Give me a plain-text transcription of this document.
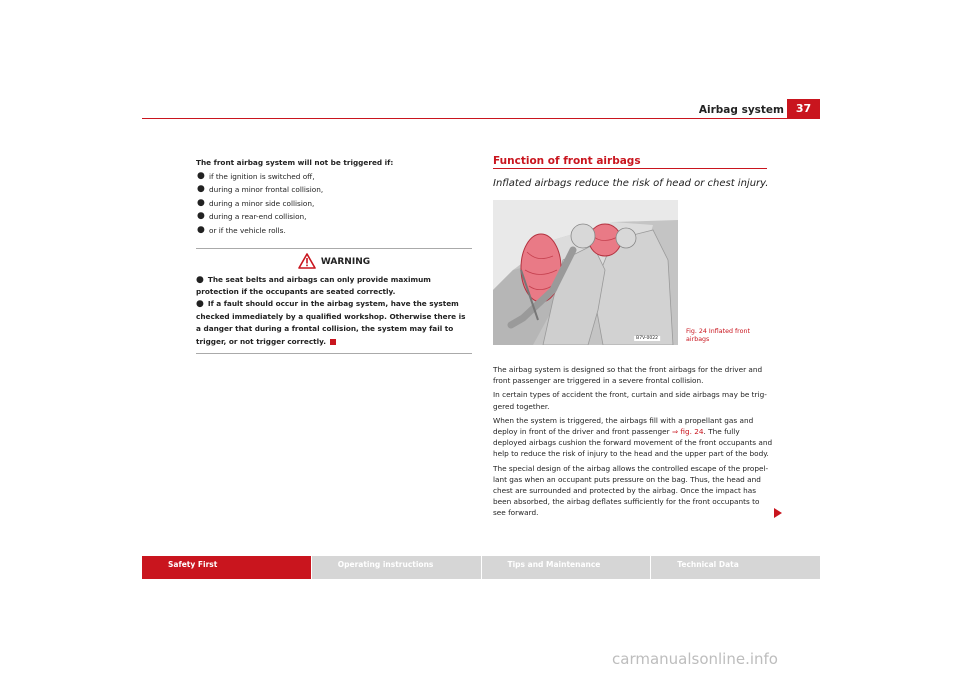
Airbag system	37
The front airbag system will not be triggered if:
● if the ignition is switched off,
● during a minor frontal collision,
● during a minor side collision,
● during a rear-end collision,
● or if the vehicle rolls.
WARNING
● The seat belts and airbags can only provide maximum protection if the occupants are seated correctly.
● If a fault should occur in the airbag system, have the system checked immediately by a qualified workshop. Otherwise there is a danger that during a frontal collision, the system may fail to trigger, or not trigger correctly.
Function of front airbags
Inflated airbags reduce the risk of head or chest injury.
B7V-0022
Fig. 24 Inflated front airbags

The airbag system is designed so that the front airbags for the driver and front passenger are triggered in a severe frontal collision.

In certain types of accident the front, curtain and side airbags may be trig-gered together.

When the system is triggered, the airbags fill with a propellant gas and deploy in front of the driver and front passenger ⇒ fig. 24. The fully deployed airbags cushion the forward movement of the front occupants and help to reduce the risk of injury to the head and the upper part of the body.

The special design of the airbag allows the controlled escape of the propel-lant gas when an occupant puts pressure on the bag. Thus, the head and chest are surrounded and protected by the airbag. Once the impact has been absorbed, the airbag deflates sufficiently for the front occupants to see forward.

Safety First	Operating instructions	Tips and Maintenance	Technical Data
carmanualsonline.info
